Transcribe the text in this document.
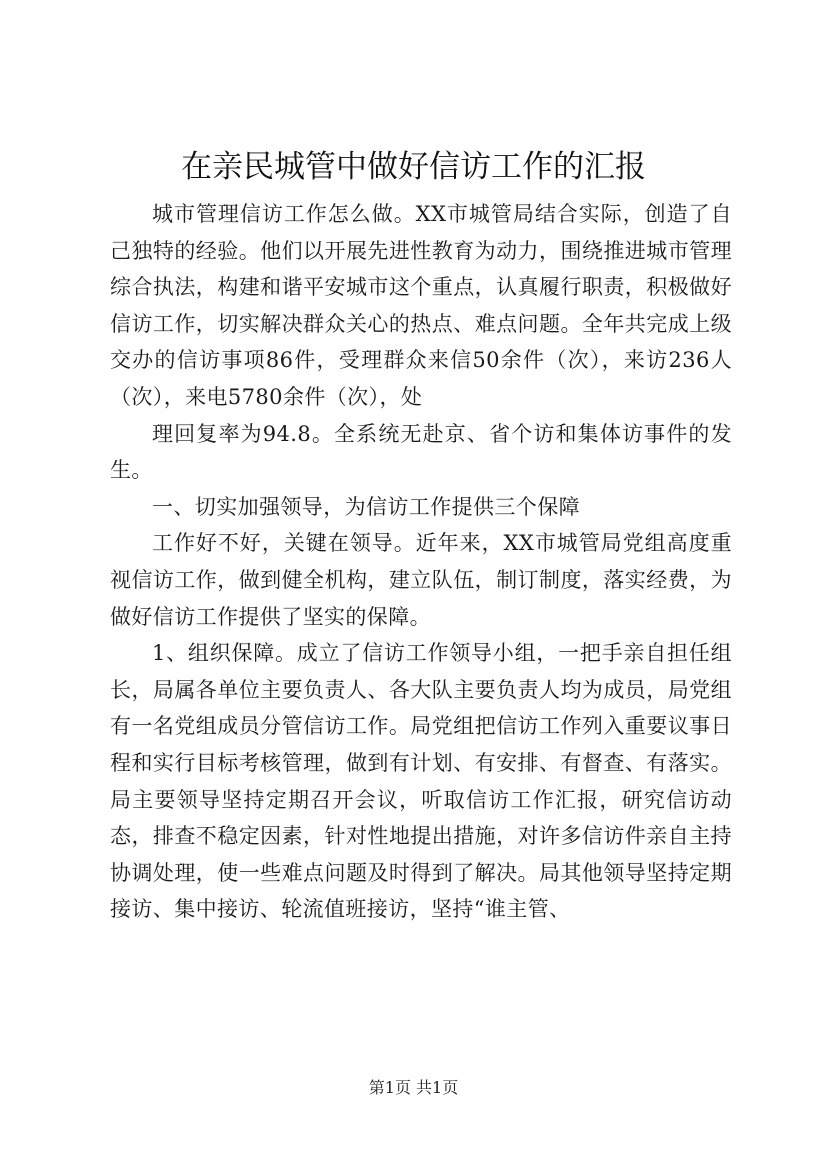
在亲民城管中做好信访工作的汇报

城市管理信访工作怎么做。XX市城管局结合实际，创造了自己独特的经验。他们以开展先进性教育为动力，围绕推进城市管理综合执法，构建和谐平安城市这个重点，认真履行职责，积极做好信访工作，切实解决群众关心的热点、难点问题。全年共完成上级交办的信访事项86件，受理群众来信50余件（次），来访236人（次），来电5780余件（次），处

理回复率为94.8。全系统无赴京、省个访和集体访事件的发生。

一、切实加强领导，为信访工作提供三个保障

工作好不好，关键在领导。近年来，XX市城管局党组高度重视信访工作，做到健全机构，建立队伍，制订制度，落实经费，为做好信访工作提供了坚实的保障。

1、组织保障。成立了信访工作领导小组，一把手亲自担任组长，局属各单位主要负责人、各大队主要负责人均为成员，局党组有一名党组成员分管信访工作。局党组把信访工作列入重要议事日程和实行目标考核管理，做到有计划、有安排、有督查、有落实。局主要领导坚持定期召开会议，听取信访工作汇报，研究信访动态，排查不稳定因素，针对性地提出措施，对许多信访件亲自主持协调处理，使一些难点问题及时得到了解决。局其他领导坚持定期接访、集中接访、轮流值班接访，坚持“谁主管、

第1页 共1页
